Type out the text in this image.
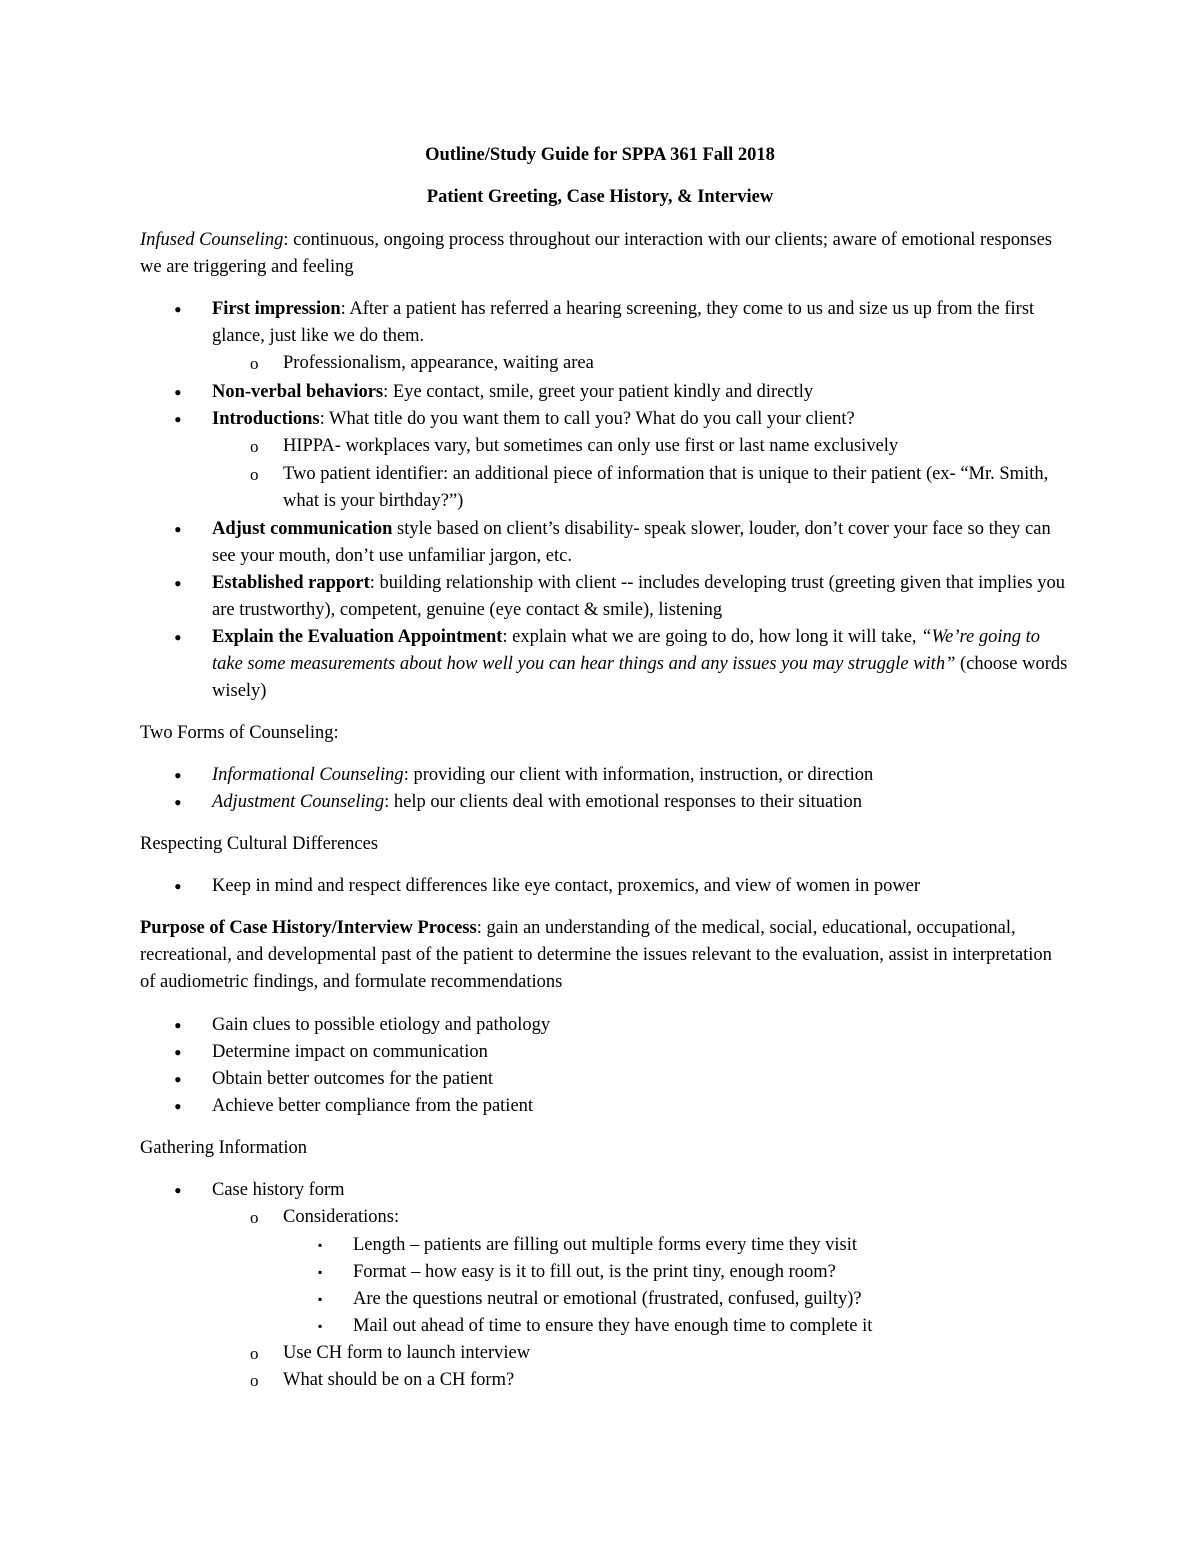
Outline/Study Guide for SPPA 361 Fall 2018

Patient Greeting, Case History, & Interview

Infused Counseling: continuous, ongoing process throughout our interaction with our clients; aware of emotional responses we are triggering and feeling

• First impression: After a patient has referred a hearing screening, they come to us and size us up from the first glance, just like we do them.

o Professionalism, appearance, waiting area

• Non-verbal behaviors: Eye contact, smile, greet your patient kindly and directly

• Introductions: What title do you want them to call you? What do you call your client?

o HIPPA- workplaces vary, but sometimes can only use first or last name exclusively

o Two patient identifier: an additional piece of information that is unique to their patient (ex- “Mr. Smith, what is your birthday?”)

• Adjust communication style based on client’s disability- speak slower, louder, don’t cover your face so they can see your mouth, don’t use unfamiliar jargon, etc.

• Established rapport: building relationship with client -- includes developing trust (greeting given that implies you are trustworthy), competent, genuine (eye contact & smile), listening

• Explain the Evaluation Appointment: explain what we are going to do, how long it will take, “We’re going to take some measurements about how well you can hear things and any issues you may struggle with” (choose words wisely)

Two Forms of Counseling:

• Informational Counseling: providing our client with information, instruction, or direction

• Adjustment Counseling: help our clients deal with emotional responses to their situation

Respecting Cultural Differences

• Keep in mind and respect differences like eye contact, proxemics, and view of women in power

Purpose of Case History/Interview Process: gain an understanding of the medical, social, educational, occupational, recreational, and developmental past of the patient to determine the issues relevant to the evaluation, assist in interpretation of audiometric findings, and formulate recommendations

• Gain clues to possible etiology and pathology

• Determine impact on communication

• Obtain better outcomes for the patient

• Achieve better compliance from the patient

Gathering Information

• Case history form

o Considerations:

▪ Length – patients are filling out multiple forms every time they visit

▪ Format – how easy is it to fill out, is the print tiny, enough room?

▪ Are the questions neutral or emotional (frustrated, confused, guilty)?

▪ Mail out ahead of time to ensure they have enough time to complete it

o Use CH form to launch interview

o What should be on a CH form?
